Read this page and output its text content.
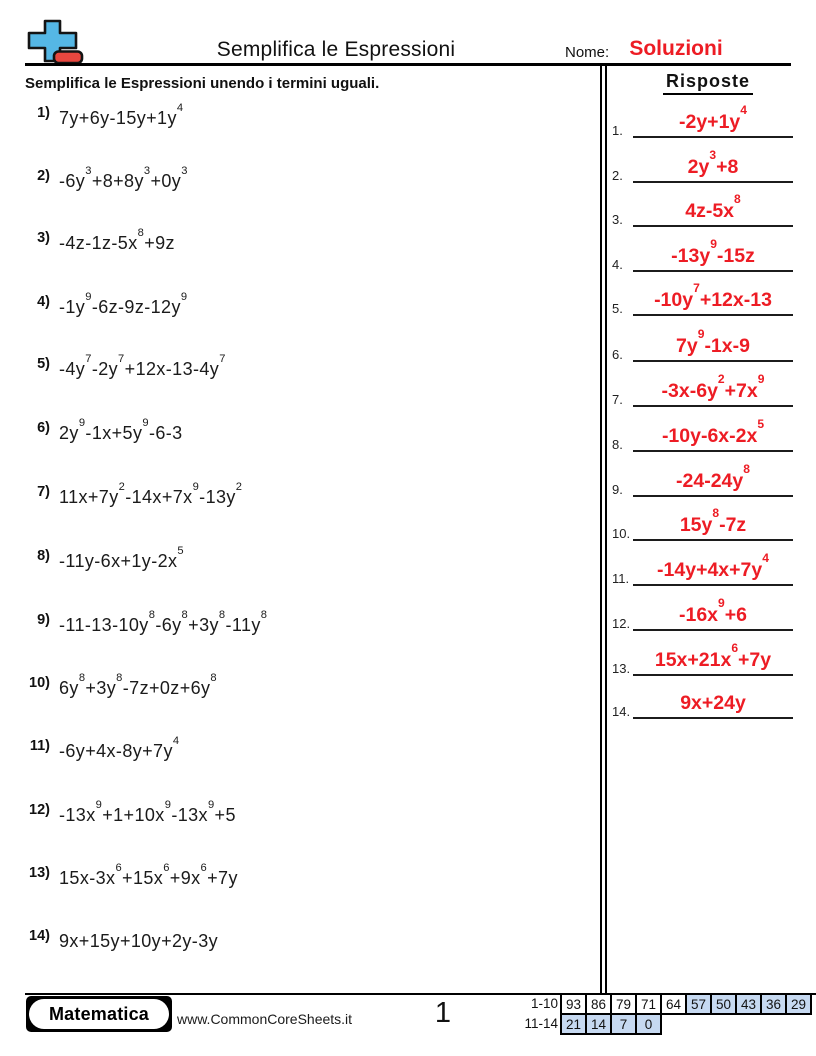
Semplifica le Espressioni	Nome: Soluzioni
Semplifica le Espressioni unendo i termini uguali.	Risposte
1) $7y+6y-15y+1y^4$
2) $-6y^3+8+8y^3+0y^3$
3) $-4z-1z-5x^8+9z$
4) $-1y^9-6z-9z-12y^9$
5) $-4y^7-2y^7+12x-13-4y^7$
6) $2y^9-1x+5y^9-6-3$
7) $11x+7y^2-14x+7x^9-13y^2$
8) $-11y-6x+1y-2x^5$
9) $-11-13-10y^8-6y^8+3y^8-11y^8$
10) $6y^8+3y^8-7z+0z+6y^8$
11) $-6y+4x-8y+7y^4$
12) $-13x^9+1+10x^9-13x^9+5$
13) $15x-3x^6+15x^6+9x^6+7y$
14) 9x+15y+10y+2y-3y
1.	$-2y+1y^4$
2.	$2y^3+8$
3.	$4z-5x^8$
4.	$-13y^9-15z$
5.	$-10y^7+12x-13$
6.	$7y^9-1x-9$
7.	$-3x-6y^2+7x^9$
8.	$-10y-6x-2x^5$
9.	$-24-24y^8$
10.	$15y^8-7z$
11.	$-14y+4x+7y^4$
12.	$-16x^9+6$
13.	$15x+21x^6+7y$
14.	9x+24y
Matematica www.CommonCoreSheets.it	1	1-10 93 86 79 71 64 57 50 43 36 29
11-14 21 14	7	0
